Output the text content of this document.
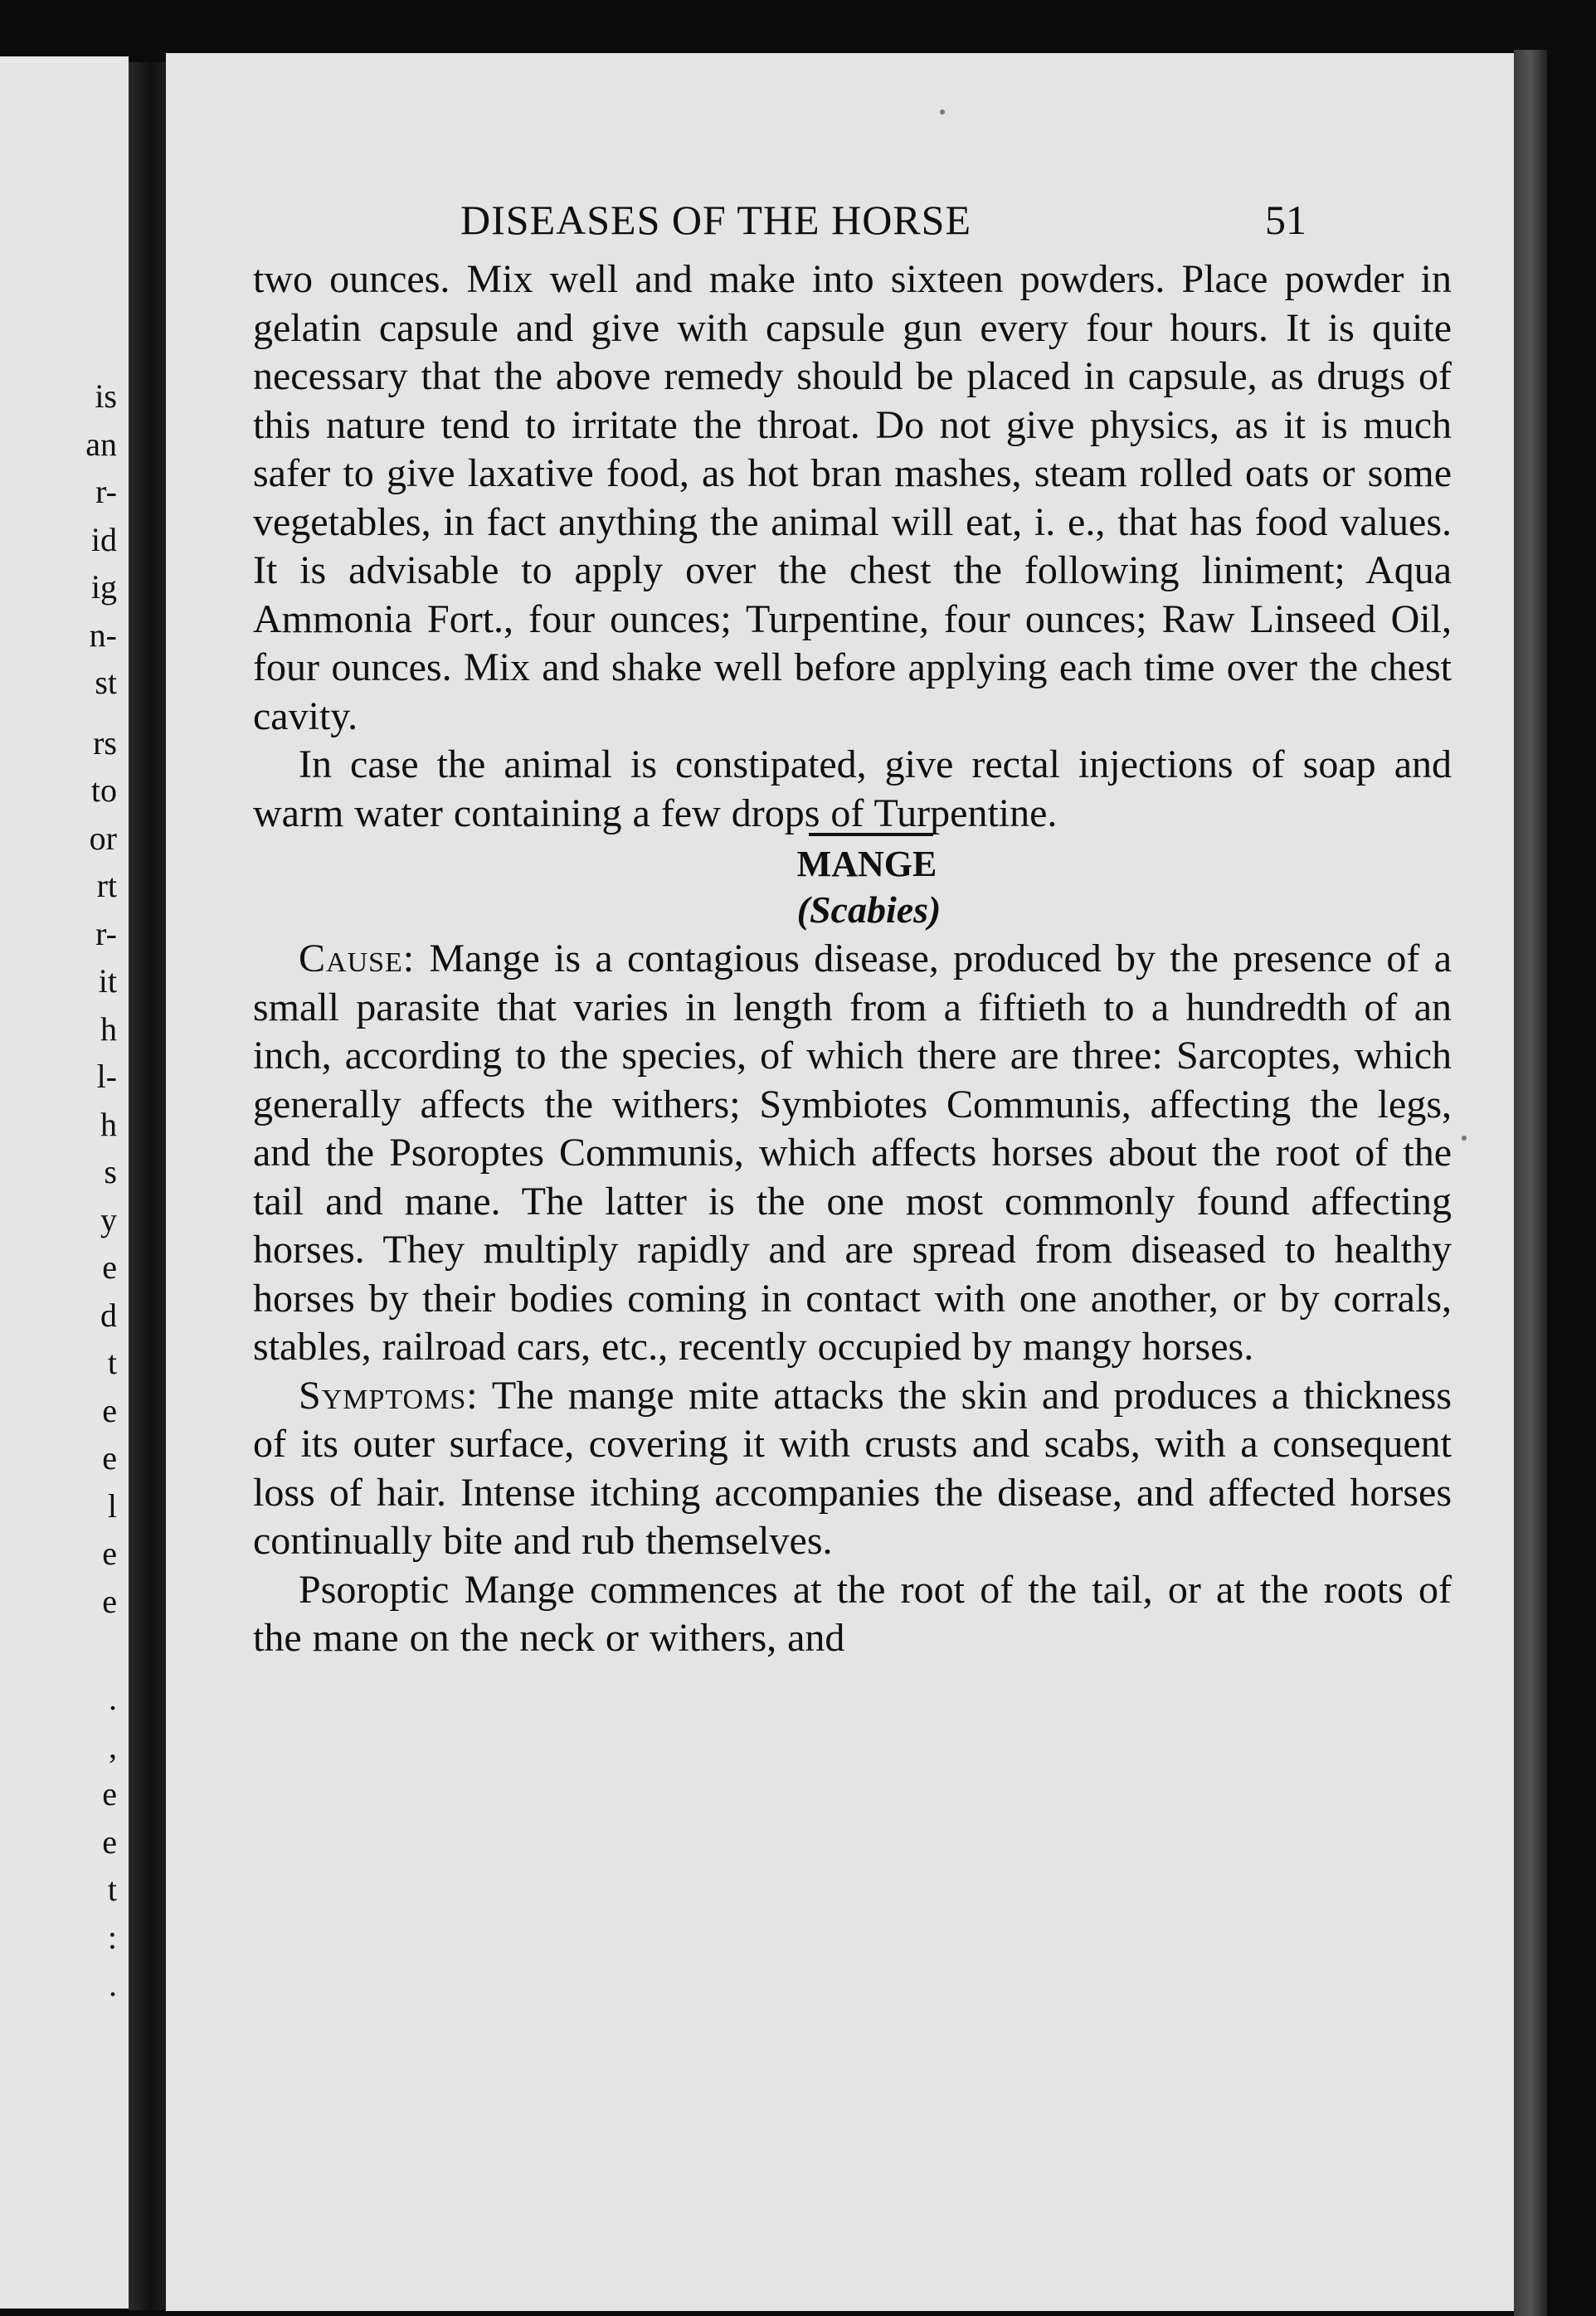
is
an
r-
id
ig
n-
st
rs
to
or
rt
r-
it
h
l-
h
s
y
e
d
t
e
e
l
e
e
.
,
e
e
t
:
.
DISEASES OF THE HORSE	51

two ounces. Mix well and make into sixteen powders. Place powder in gelatin capsule and give with capsule gun every four hours. It is quite necessary that the above remedy should be placed in capsule, as drugs of this nature tend to irritate the throat. Do not give physics, as it is much safer to give laxative food, as hot bran mashes, steam rolled oats or some vegetables, in fact anything the animal will eat, i. e., that has food values. It is advisable to apply over the chest the following liniment; Aqua Ammonia Fort., four ounces; Turpentine, four ounces; Raw Linseed Oil, four ounces. Mix and shake well before applying each time over the chest cavity.

In case the animal is constipated, give rectal injections of soap and warm water containing a few drops of Turpentine.

MANGE

(Scabies)

Cause: Mange is a contagious disease, produced by the presence of a small parasite that varies in length from a fiftieth to a hundredth of an inch, according to the species, of which there are three: Sarcoptes, which generally affects the withers; Symbiotes Communis, affecting the legs, and the Psoroptes Communis, which affects horses about the root of the tail and mane. The latter is the one most commonly found affecting horses. They multiply rapidly and are spread from diseased to healthy horses by their bodies coming in contact with one another, or by corrals, stables, railroad cars, etc., recently occupied by mangy horses.

Symptoms: The mange mite attacks the skin and produces a thickness of its outer surface, covering it with crusts and scabs, with a consequent loss of hair. Intense itching accompanies the disease, and affected horses continually bite and rub themselves.

Psoroptic Mange commences at the root of the tail, or at the roots of the mane on the neck or withers, and
